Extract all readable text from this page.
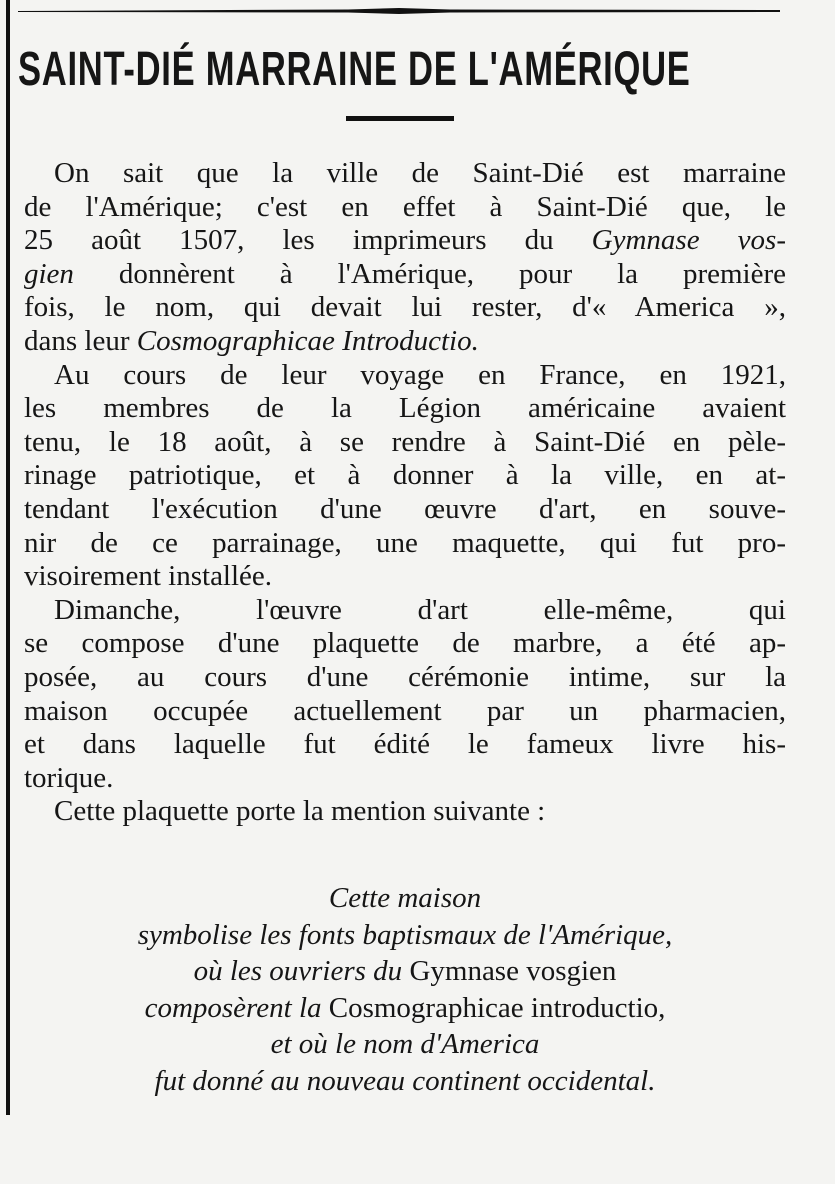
SAINT-DIÉ MARRAINE DE L'AMÉRIQUE
On sait que la ville de Saint-Dié est marraine
de l'Amérique; c'est en effet à Saint-Dié que, le
25 août 1507, les imprimeurs du Gymnase vos-
gien donnèrent à l'Amérique, pour la première
fois, le nom, qui devait lui rester, d'« America »,
dans leur Cosmographicae Introductio.
Au cours de leur voyage en France, en 1921,
les membres de la Légion américaine avaient
tenu, le 18 août, à se rendre à Saint-Dié en pèle-
rinage patriotique, et à donner à la ville, en at-
tendant l'exécution d'une œuvre d'art, en souve-
nir de ce parrainage, une maquette, qui fut pro-
visoirement installée.
Dimanche, l'œuvre d'art elle-même, qui
se compose d'une plaquette de marbre, a été ap-
posée, au cours d'une cérémonie intime, sur la
maison occupée actuellement par un pharmacien,
et dans laquelle fut édité le fameux livre his-
torique.
Cette plaquette porte la mention suivante :
Cette maison
symbolise les fonts baptismaux de l'Amérique,
où les ouvriers du Gymnase vosgien
composèrent la Cosmographicae introductio,
et où le nom d'America
fut donné au nouveau continent occidental.
